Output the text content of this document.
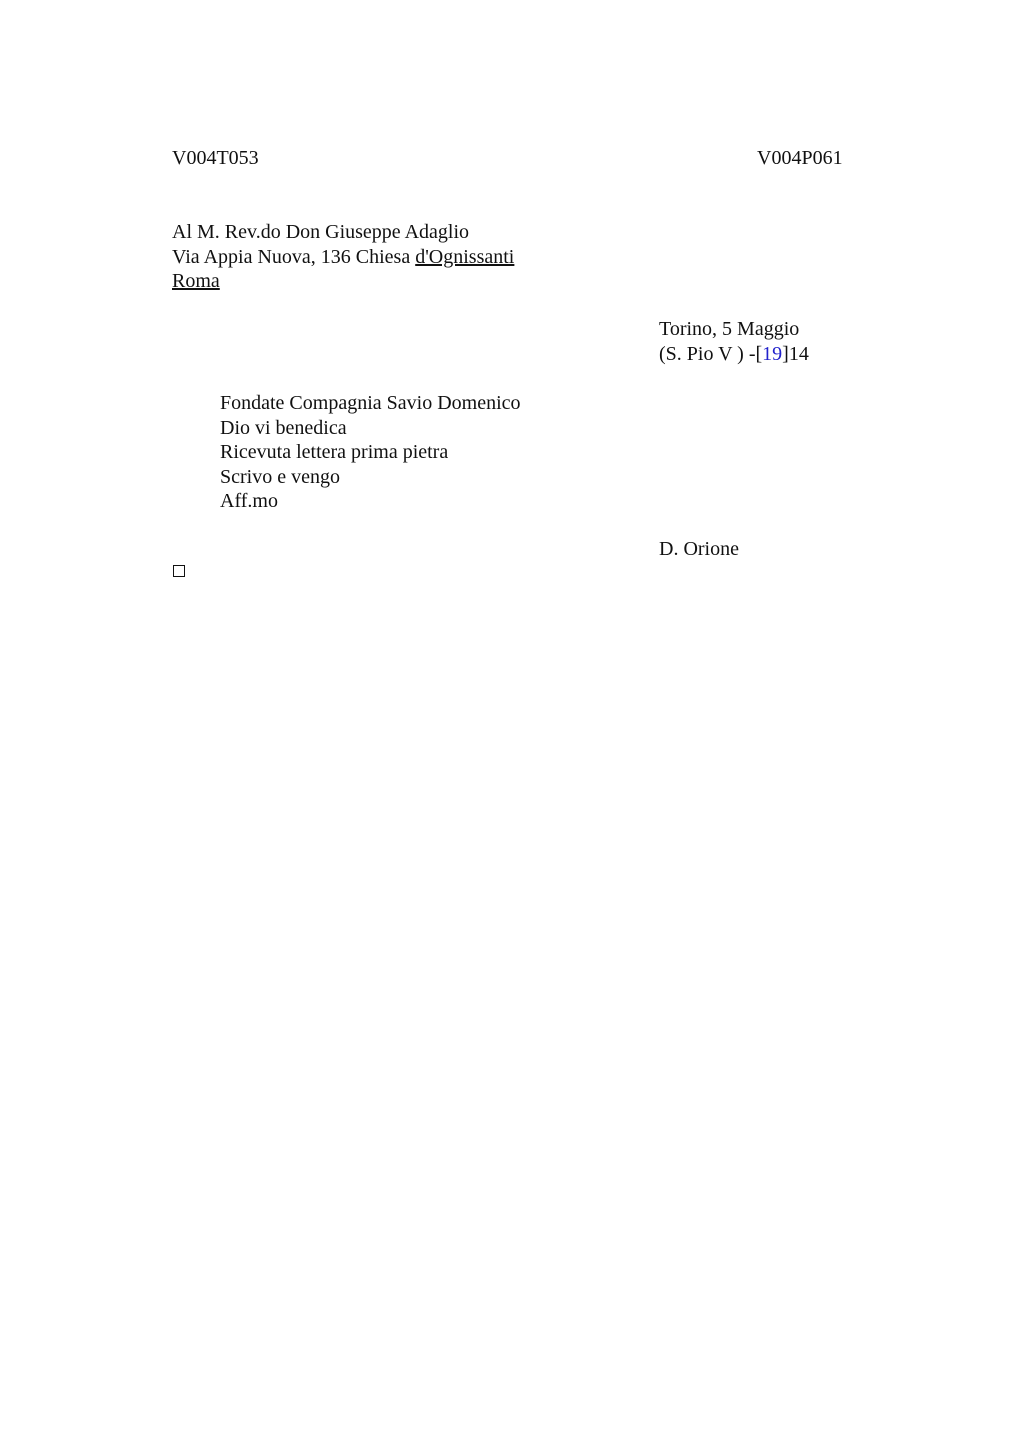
V004T053	V004P061
Al M. Rev.do Don Giuseppe Adaglio
Via Appia Nuova, 136 Chiesa d'Ognissanti
Roma
Torino, 5 Maggio
(S. Pio V ) -[19]14
Fondate Compagnia Savio Domenico
Dio vi benedica
Ricevuta lettera prima pietra
Scrivo e vengo
Aff.mo
D. Orione
